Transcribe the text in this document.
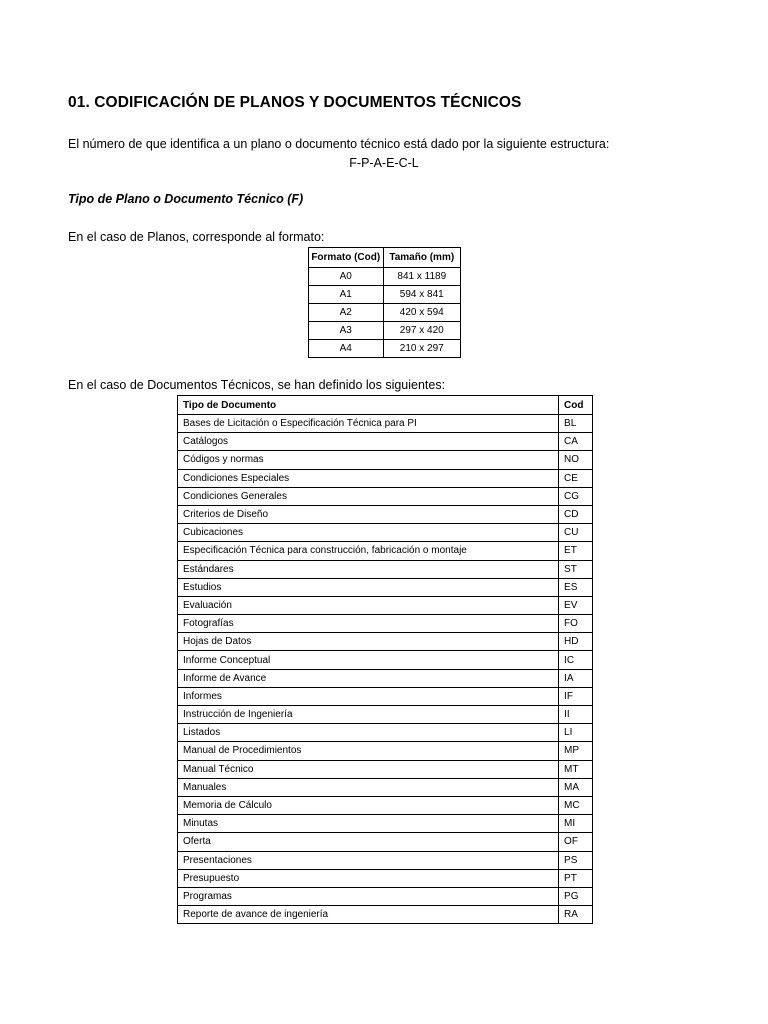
01. CODIFICACIÓN DE PLANOS Y DOCUMENTOS TÉCNICOS
El número de que identifica a un plano o documento técnico está dado por la siguiente estructura:
F-P-A-E-C-L
Tipo de Plano o Documento Técnico (F)
En el caso de Planos, corresponde al formato:
Formato (Cod)	Tamaño (mm)
A0	841 x 1189
A1	594 x 841
A2	420 x 594
A3	297 x 420
A4	210 x 297
En el caso de Documentos Técnicos, se han definido los siguientes:
Tipo de Documento	Cod
Bases de Licitación o Especificación Técnica para PI	BL
Catálogos	CA
Códigos y normas	NO
Condiciones Especiales	CE
Condiciones Generales	CG
Criterios de Diseño	CD
Cubicaciones	CU
Especificación Técnica para construcción, fabricación o montaje	ET
Estándares	ST
Estudios	ES
Evaluación	EV
Fotografías	FO
Hojas de Datos	HD
Informe Conceptual	IC
Informe de Avance	IA
Informes	IF
Instrucción de Ingeniería	II
Listados	LI
Manual de Procedimientos	MP
Manual Técnico	MT
Manuales	MA
Memoria de Cálculo	MC
Minutas	MI
Oferta	OF
Presentaciones	PS
Presupuesto	PT
Programas	PG
Reporte de avance de ingeniería	RA
